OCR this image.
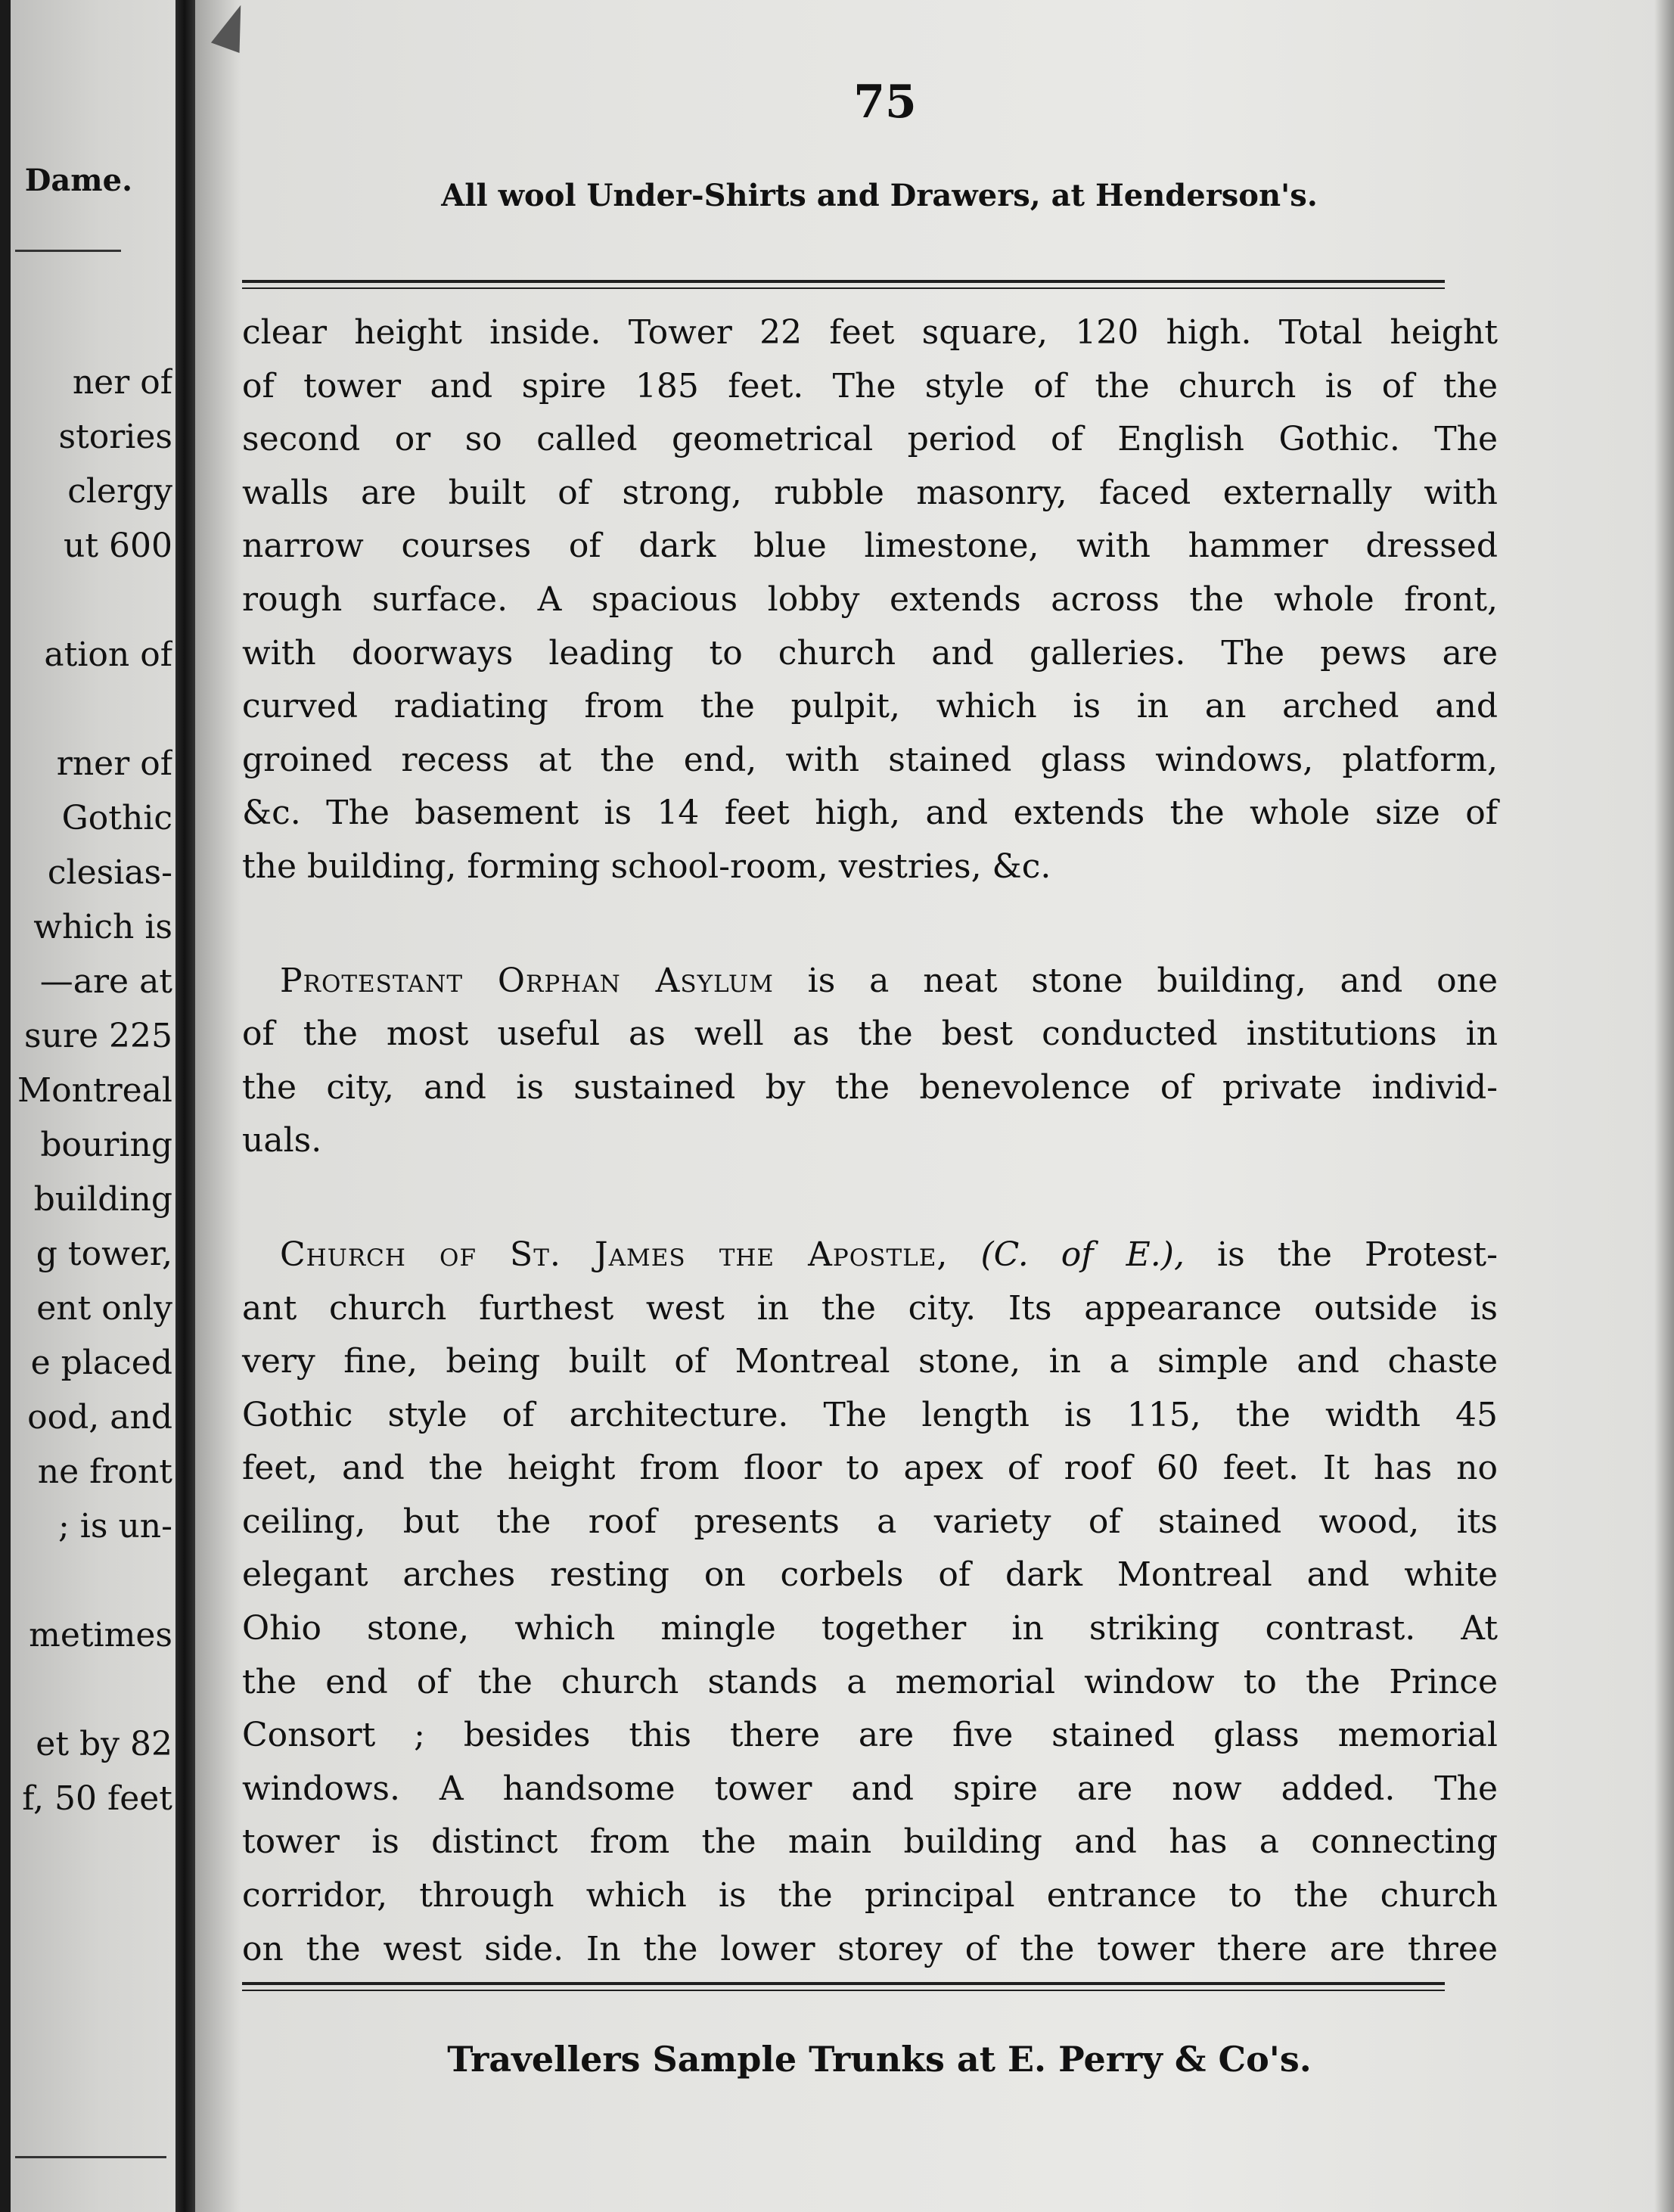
Dame.
ner of
stories
clergy
ut 600
ation of
rner of
Gothic
clesias-
which is
—are at
sure 225
Montreal
bouring
building
g tower,
ent only
e placed
ood, and
ne front
; is un-
metimes
et by 82
f, 50 feet
75
All wool Under-Shirts and Drawers, at Henderson's.
clear height inside. Tower 22 feet square, 120 high. Total height
of tower and spire 185 feet. The style of the church is of the
second or so called geometrical period of English Gothic. The
walls are built of strong, rubble masonry, faced externally with
narrow courses of dark blue limestone, with hammer dressed
rough surface. A spacious lobby extends across the whole front,
with doorways leading to church and galleries. The pews are
curved radiating from the pulpit, which is in an arched and
groined recess at the end, with stained glass windows, platform,
&c. The basement is 14 feet high, and extends the whole size of
the building, forming school-room, vestries, &c.
Protestant Orphan Asylum is a neat stone building, and one
of the most useful as well as the best conducted institutions in
the city, and is sustained by the benevolence of private individ-
uals.
Church of St. James the Apostle, (C. of E.), is the Protest-
ant church furthest west in the city. Its appearance outside is
very fine, being built of Montreal stone, in a simple and chaste
Gothic style of architecture. The length is 115, the width 45
feet, and the height from floor to apex of roof 60 feet. It has no
ceiling, but the roof presents a variety of stained wood, its
elegant arches resting on corbels of dark Montreal and white
Ohio stone, which mingle together in striking contrast. At
the end of the church stands a memorial window to the Prince
Consort ; besides this there are five stained glass memorial
windows. A handsome tower and spire are now added. The
tower is distinct from the main building and has a connecting
corridor, through which is the principal entrance to the church
on the west side. In the lower storey of the tower there are three
Travellers Sample Trunks at E. Perry & Co's.
